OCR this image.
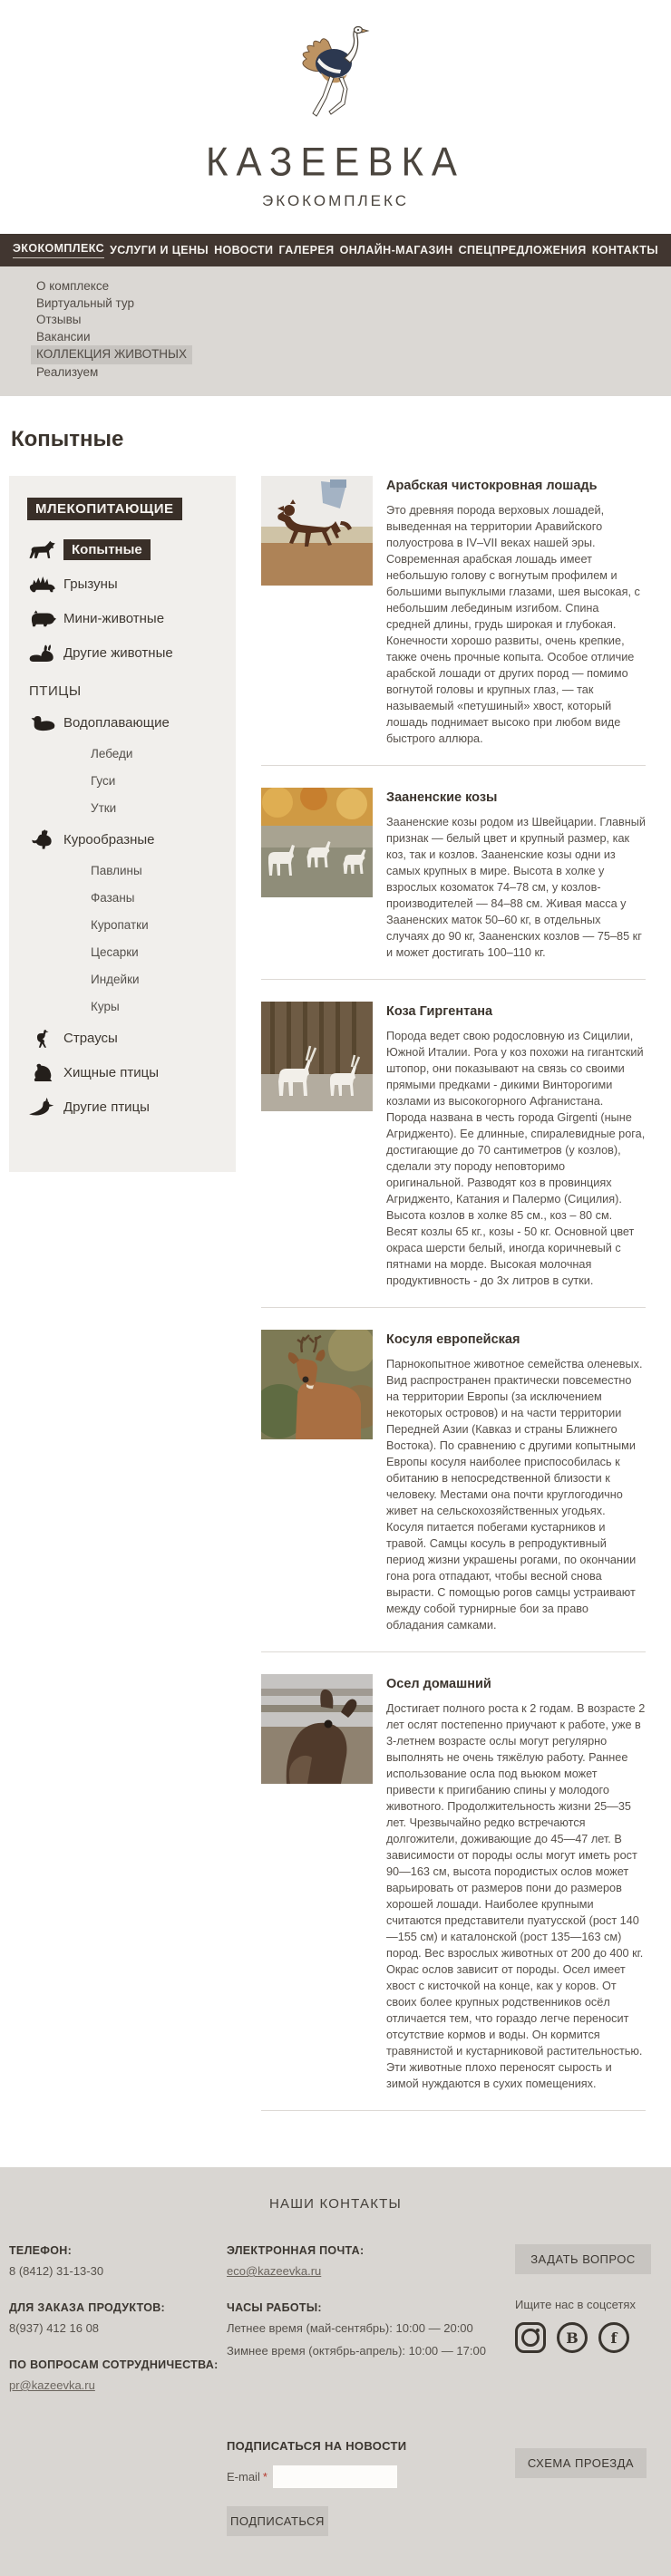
КАЗЕЕВКА
ЭКОКОМПЛЕКС
ЭКОКОМПЛЕКС УСЛУГИ И ЦЕНЫ НОВОСТИ ГАЛЕРЕЯ ОНЛАЙН-МАГАЗИН СПЕЦПРЕДЛОЖЕНИЯ КОНТАКТЫ
О комплексе
Виртуальный тур
Отзывы
Вакансии
КОЛЛЕКЦИЯ ЖИВОТНЫХ
Реализуем
Копытные
МЛЕКОПИТАЮЩИЕ
Копытные
Грызуны
Мини-животные
Другие животные
ПТИЦЫ
Водоплавающие
Лебеди
Гуси
Утки
Курообразные
Павлины
Фазаны
Куропатки
Цесарки
Индейки
Куры
Страусы
Хищные птицы
Другие птицы
Арабская чистокровная лошадь
Это древняя порода верховых лошадей, выведенная на территории Аравийского полуострова в IV–VII веках нашей эры. Современная арабская лошадь имеет небольшую голову с вогнутым профилем и большими выпуклыми глазами, шея высокая, с небольшим лебединым изгибом. Спина средней длины, грудь широкая и глубокая. Конечности хорошо развиты, очень крепкие, также очень прочные копыта. Особое отличие арабской лошади от других пород — помимо вогнутой головы и крупных глаз, — так называемый «петушиный» хвост, который лошадь поднимает высоко при любом виде быстрого аллюра.
Зааненские козы
Зааненские козы родом из Швейцарии. Главный признак — белый цвет и крупный размер, как коз, так и козлов. Зааненские козы одни из самых крупных в мире. Высота в холке у взрослых козоматок 74–78 см, у козлов-производителей — 84–88 см. Живая масса у Зааненских маток 50–60 кг, в отдельных случаях до 90 кг, Зааненских козлов — 75–85 кг и может достигать 100–110 кг.
Коза Гиргентана
Порода ведет свою родословную из Сицилии, Южной Италии. Рога у коз похожи на гигантский штопор, они показывают на связь со своими прямыми предками - дикими Винторогими козлами из высокогорного Афганистана. Порода названа в честь города Girgenti (ныне Агридженто). Ее длинные, спиралевидные рога, достигающие до 70 сантиметров (у козлов), сделали эту породу неповторимо оригинальной. Разводят коз в провинциях Агридженто, Катания и Палермо (Сицилия). Высота козлов в холке 85 см., коз – 80 см. Весят козлы 65 кг., козы - 50 кг. Основной цвет окраса шерсти белый, иногда коричневый с пятнами на морде. Высокая молочная продуктивность - до 3х литров в сутки.
Косуля европейская
Парнокопытное животное семейства оленевых. Вид распространен практически повсеместно на территории Европы (за исключением некоторых островов) и на части территории Передней Азии (Кавказ и страны Ближнего Востока). По сравнению с другими копытными Европы косуля наиболее приспособилась к обитанию в непосредственной близости к человеку. Местами она почти круглогодично живет на сельскохозяйственных угодьях. Косуля питается побегами кустарников и травой. Самцы косуль в репродуктивный период жизни украшены рогами, по окончании гона рога отпадают, чтобы весной снова вырасти. С помощью рогов самцы устраивают между собой турнирные бои за право обладания самками.
Осел домашний
Достигает полного роста к 2 годам. В возрасте 2 лет ослят постепенно приучают к работе, уже в 3-летнем возрасте ослы могут регулярно выполнять не очень тяжёлую работу. Раннее использование осла под вьюком может привести к пригибанию спины у молодого животного. Продолжительность жизни 25—35 лет. Чрезвычайно редко встречаются долгожители, доживающие до 45—47 лет. В зависимости от породы ослы могут иметь рост 90—163 см, высота породистых ослов может варьировать от размеров пони до размеров хорошей лошади. Наиболее крупными считаются представители пуатусской (рост 140—155 см) и каталонской (рост 135—163 см) пород. Вес взрослых животных от 200 до 400 кг. Окрас ослов зависит от породы. Осел имеет хвост с кисточкой на конце, как у коров. От своих более крупных родственников осёл отличается тем, что гораздо легче переносит отсутствие кормов и воды. Он кормится травянистой и кустарниковой растительностью. Эти животные плохо переносят сырость и зимой нуждаются в сухих помещениях.
НАШИ КОНТАКТЫ
ТЕЛЕФОН:
8 (8412) 31-13-30
ДЛЯ ЗАКАЗА ПРОДУКТОВ:
8(937) 412 16 08
ПО ВОПРОСАМ СОТРУДНИЧЕСТВА:
pr@kazeevka.ru
ЭЛЕКТРОННАЯ ПОЧТА:
eco@kazeevka.ru
ЧАСЫ РАБОТЫ:
Летнее время (май-сентябрь): 10:00 — 20:00
Зимнее время (октябрь-апрель): 10:00 — 17:00
ЗАДАТЬ ВОПРОС
Ищите нас в соцсетях
В f
ПОДПИСАТЬСЯ НА НОВОСТИ
E-mail *
ПОДПИСАТЬСЯ
СХЕМА ПРОЕЗДА
